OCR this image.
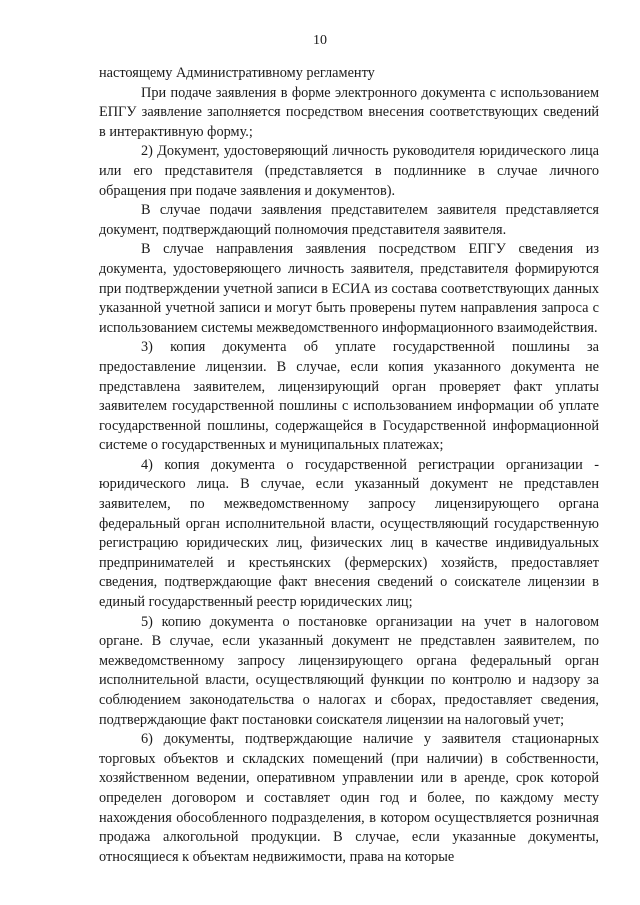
10

настоящему Административному регламенту

При подаче заявления в форме электронного документа с использованием ЕПГУ заявление заполняется посредством внесения соответствующих сведений в интерактивную форму.;

2) Документ, удостоверяющий личность руководителя юридического лица или его представителя (представляется в подлиннике в случае личного обращения при подаче заявления и документов).

В случае подачи заявления представителем заявителя представляется документ, подтверждающий полномочия представителя заявителя.

В случае направления заявления посредством ЕПГУ сведения из документа, удостоверяющего личность заявителя, представителя формируются при подтверждении учетной записи в ЕСИА из состава соответствующих данных указанной учетной записи и могут быть проверены путем направления запроса с использованием системы межведомственного информационного взаимодействия.

3) копия документа об уплате государственной пошлины за предоставление лицензии. В случае, если копия указанного документа не представлена заявителем, лицензирующий орган проверяет факт уплаты заявителем государственной пошлины с использованием информации об уплате государственной пошлины, содержащейся в Государственной информационной системе о государственных и муниципальных платежах;

4) копия документа о государственной регистрации организации - юридического лица. В случае, если указанный документ не представлен заявителем, по межведомственному запросу лицензирующего органа федеральный орган исполнительной власти, осуществляющий государственную регистрацию юридических лиц, физических лиц в качестве индивидуальных предпринимателей и крестьянских (фермерских) хозяйств, предоставляет сведения, подтверждающие факт внесения сведений о соискателе лицензии в единый государственный реестр юридических лиц;

5) копию документа о постановке организации на учет в налоговом органе. В случае, если указанный документ не представлен заявителем, по межведомственному запросу лицензирующего органа федеральный орган исполнительной власти, осуществляющий функции по контролю и надзору за соблюдением законодательства о налогах и сборах, предоставляет сведения, подтверждающие факт постановки соискателя лицензии на налоговый учет;

6) документы, подтверждающие наличие у заявителя стационарных торговых объектов и складских помещений (при наличии) в собственности, хозяйственном ведении, оперативном управлении или в аренде, срок которой определен договором и составляет один год и более, по каждому месту нахождения обособленного подразделения, в котором осуществляется розничная продажа алкогольной продукции. В случае, если указанные документы, относящиеся к объектам недвижимости, права на которые
